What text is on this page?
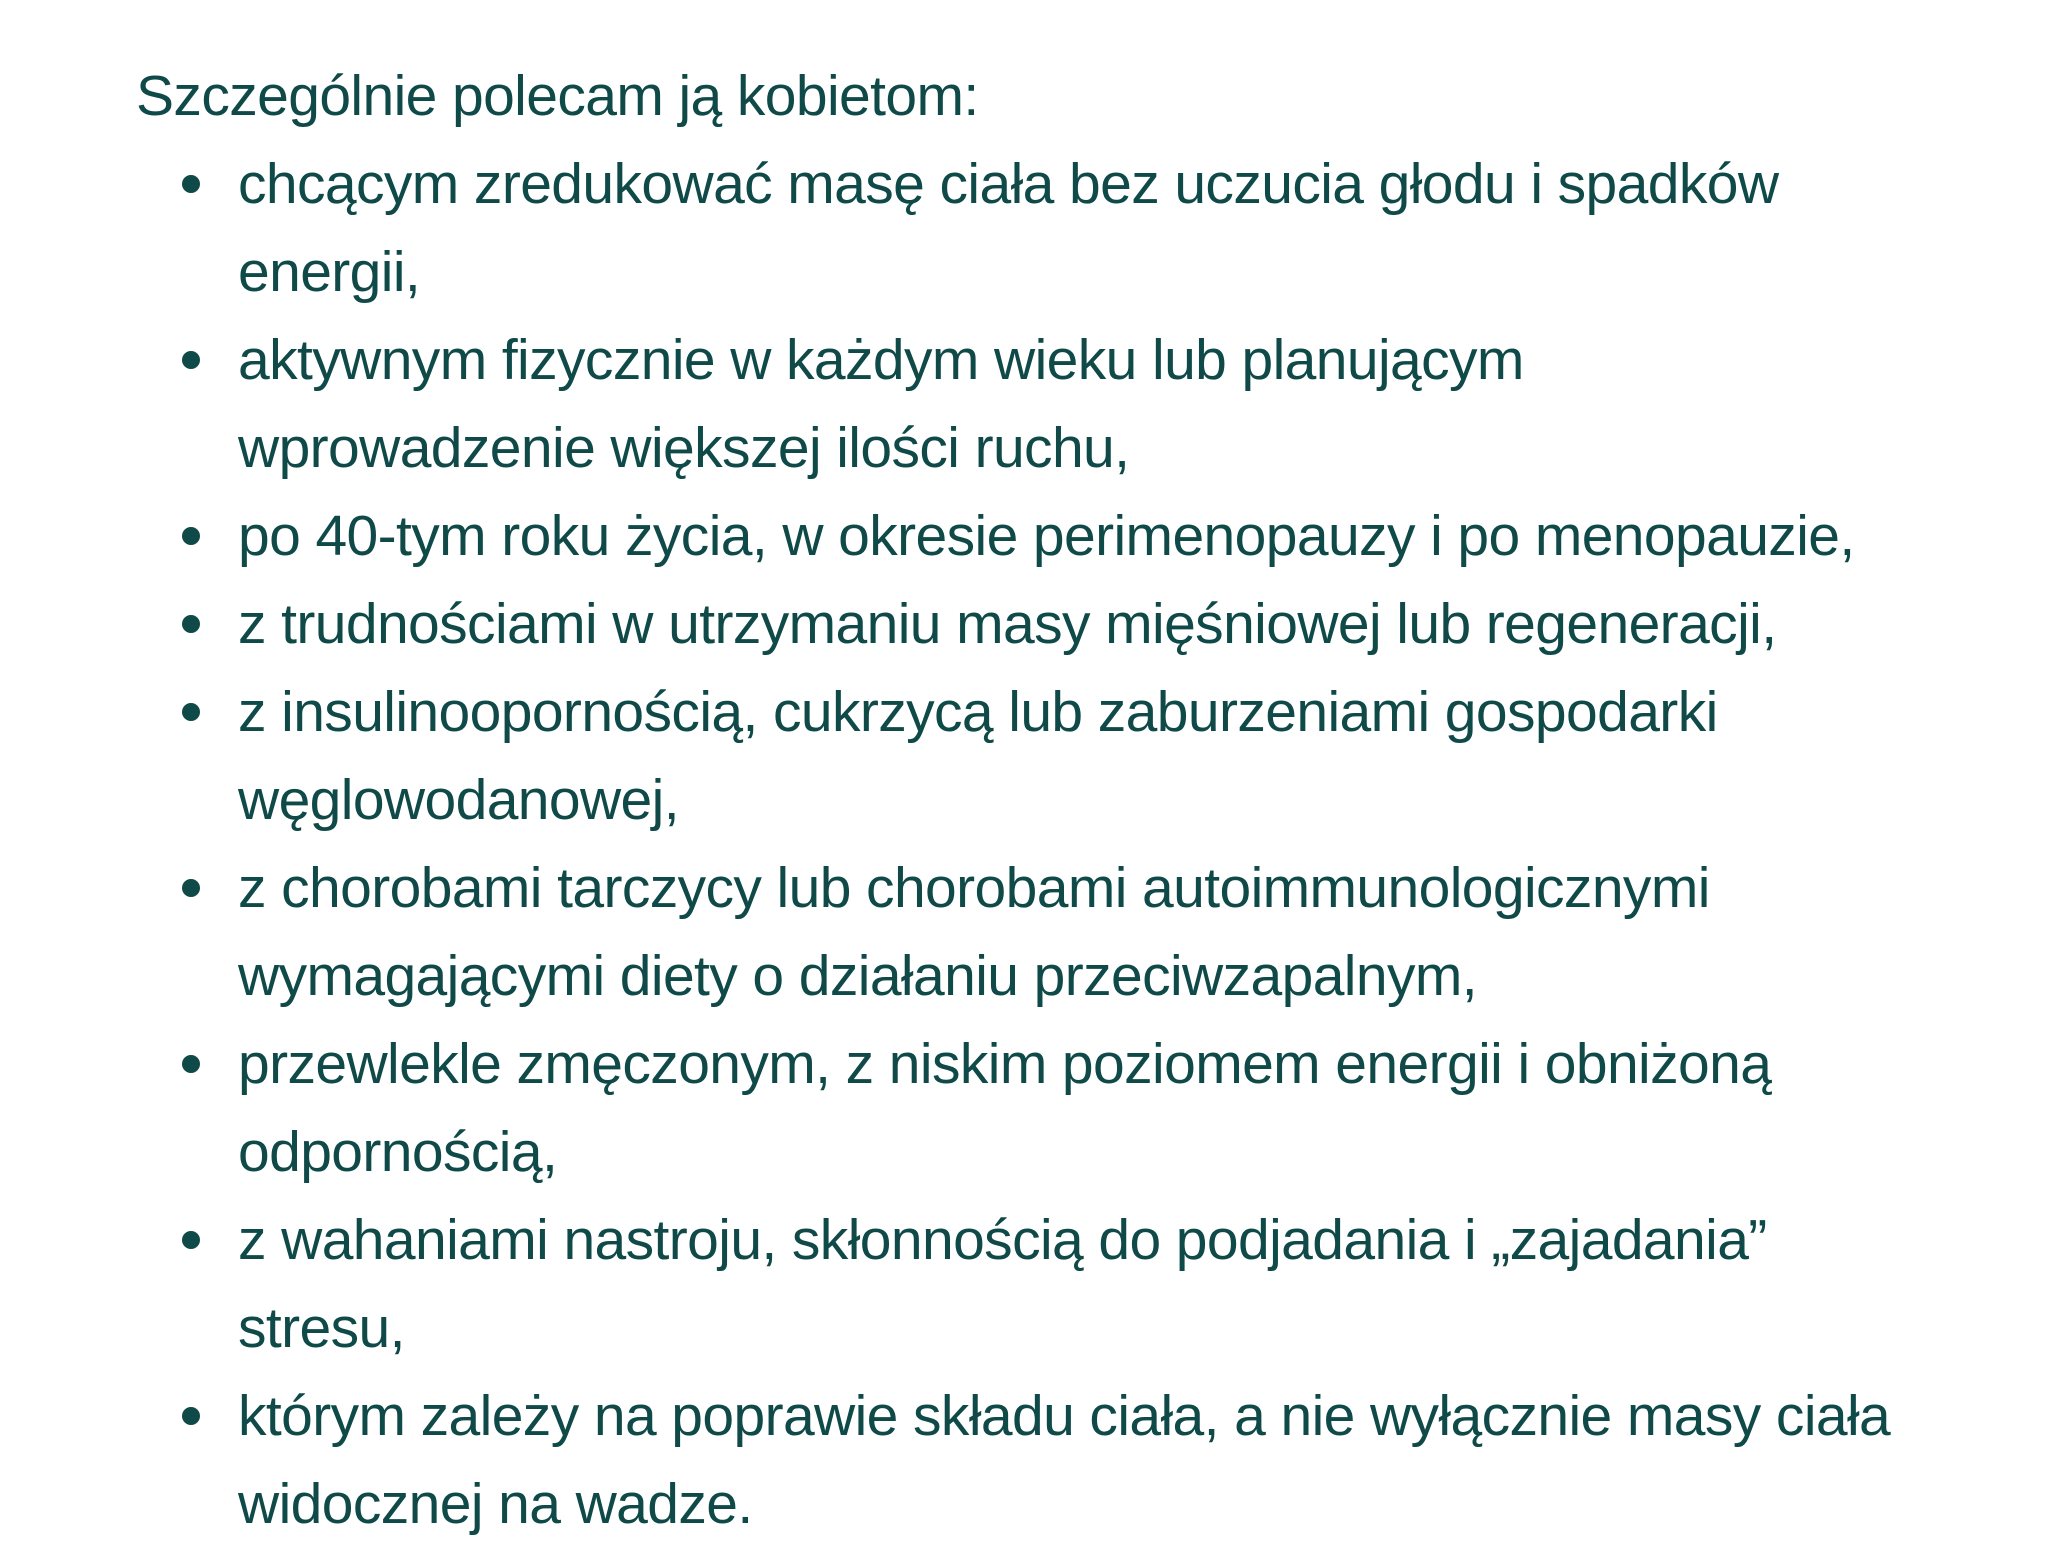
Szczególnie polecam ją kobietom:

chcącym zredukować masę ciała bez uczucia głodu i spadków
energii,
aktywnym fizycznie w każdym wieku lub planującym
wprowadzenie większej ilości ruchu,
po 40-tym roku życia, w okresie perimenopauzy i po menopauzie,
z trudnościami w utrzymaniu masy mięśniowej lub regeneracji,
z insulinoopornością, cukrzycą lub zaburzeniami gospodarki
węglowodanowej,
z chorobami tarczycy lub chorobami autoimmunologicznymi
wymagającymi diety o działaniu przeciwzapalnym,
przewlekle zmęczonym, z niskim poziomem energii i obniżoną
odpornością,
z wahaniami nastroju, skłonnością do podjadania i „zajadania”
stresu,
którym zależy na poprawie składu ciała, a nie wyłącznie masy ciała
widocznej na wadze.
